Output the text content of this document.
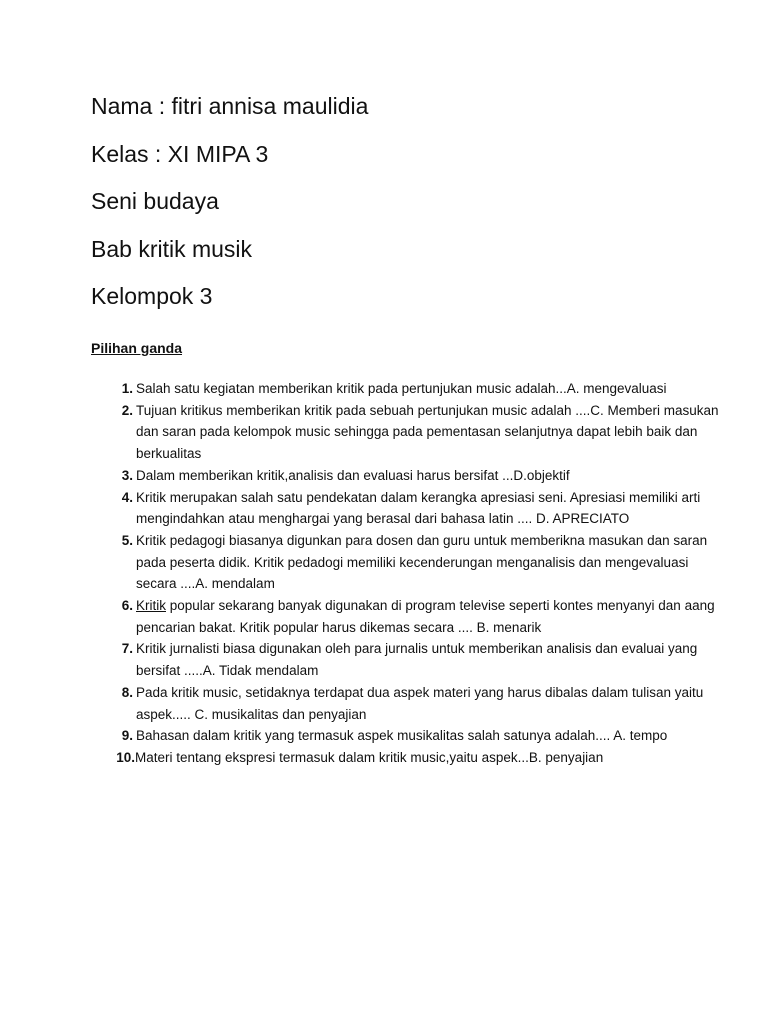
Nama : fitri annisa maulidia
Kelas : XI MIPA 3
Seni budaya
Bab kritik musik
Kelompok 3
Pilihan ganda
1. Salah satu kegiatan memberikan kritik pada pertunjukan music adalah...A. mengevaluasi
2. Tujuan kritikus memberikan kritik pada sebuah pertunjukan music adalah ....C. Memberi masukan dan saran pada kelompok music sehingga pada pementasan selanjutnya dapat lebih baik dan berkualitas
3. Dalam memberikan kritik,analisis dan evaluasi harus bersifat ...D.objektif
4. Kritik merupakan salah satu pendekatan dalam kerangka apresiasi seni. Apresiasi memiliki arti mengindahkan atau menghargai yang berasal dari bahasa latin .... D. APRECIATO
5. Kritik pedagogi biasanya digunkan para dosen dan guru untuk memberikna masukan dan saran pada peserta didik. Kritik pedadogi memiliki kecenderungan menganalisis dan mengevaluasi secara ....A. mendalam
6. Kritik popular sekarang banyak digunakan di program televise seperti kontes menyanyi dan aang pencarian bakat. Kritik popular harus dikemas secara .... B. menarik
7. Kritik jurnalisti biasa digunakan oleh para jurnalis untuk memberikan analisis dan evaluai yang bersifat .....A. Tidak mendalam
8. Pada kritik music, setidaknya terdapat dua aspek materi yang harus dibalas dalam tulisan yaitu aspek..... C. musikalitas dan penyajian
9. Bahasan dalam kritik yang termasuk aspek musikalitas salah satunya adalah.... A. tempo
10. Materi tentang ekspresi termasuk dalam kritik music,yaitu aspek...B. penyajian
